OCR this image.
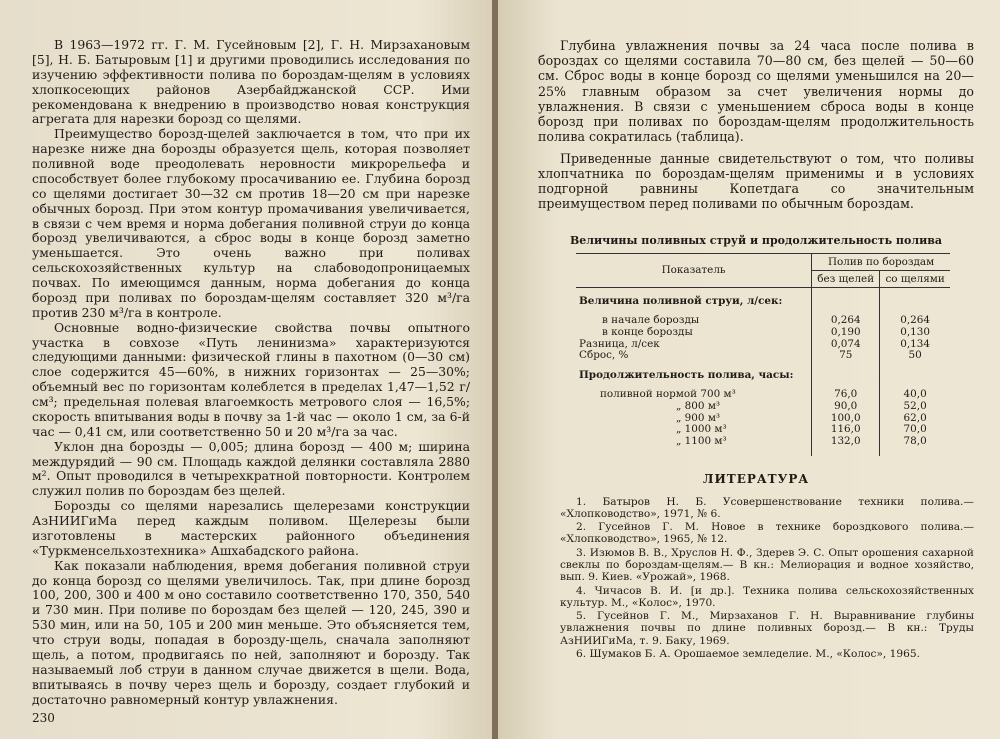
В 1963—1972 гг. Г. М. Гусейновым [2], Г. Н. Мирзахановым [5], Н. Б. Батыровым [1] и другими проводились исследования по изучению эффективности полива по бороздам-щелям в условиях хлопкосеющих районов Азербайджанской ССР. Ими рекомендована к внедрению в производство новая конструкция агрегата для нарезки борозд со щелями.

Преимущество борозд-щелей заключается в том, что при их нарезке ниже дна борозды образуется щель, которая позволяет поливной воде преодолевать неровности микрорельефа и способствует более глубокому просачиванию ее. Глубина борозд со щелями достигает 30—32 см против 18—20 см при нарезке обычных борозд. При этом контур промачивания увеличивается, в связи с чем время и норма добегания поливной струи до конца борозд увеличиваются, а сброс воды в конце борозд заметно уменьшается. Это очень важно при поливах сельскохозяйственных культур на слабоводопроницаемых почвах. По имеющимся данным, норма добегания до конца борозд при поливах по бороздам-щелям составляет 320 м³/га против 230 м³/га в контроле.

Основные водно-физические свойства почвы опытного участка в совхозе «Путь ленинизма» характеризуются следующими данными: физической глины в пахотном (0—30 см) слое содержится 45—60%, в нижних горизонтах — 25—30%; объемный вес по горизонтам колеблется в пределах 1,47—1,52 г/см³; предельная полевая влагоемкость метрового слоя — 16,5%; скорость впитывания воды в почву за 1-й час — около 1 см, за 6-й час — 0,41 см, или соответственно 50 и 20 м³/га за час.

Уклон дна борозды — 0,005; длина борозд — 400 м; ширина междурядий — 90 см. Площадь каждой делянки составляла 2880 м². Опыт проводился в четырехкратной повторности. Контролем служил полив по бороздам без щелей.

Борозды со щелями нарезались щелерезами конструкции АзНИИГиМа перед каждым поливом. Щелерезы были изготовлены в мастерских районного объединения «Туркменсельхозтехника» Ашхабадского района.

Как показали наблюдения, время добегания поливной струи до конца борозд со щелями увеличилось. Так, при длине борозд 100, 200, 300 и 400 м оно составило соответственно 170, 350, 540 и 730 мин. При поливе по бороздам без щелей — 120, 245, 390 и 530 мин, или на 50, 105 и 200 мин меньше. Это объясняется тем, что струи воды, попадая в борозду-щель, сначала заполняют щель, а потом, продвигаясь по ней, заполняют и борозду. Так называемый лоб струи в данном случае движется в щели. Вода, впитываясь в почву через щель и борозду, создает глубокий и достаточно равномерный контур увлажнения.

230

Глубина увлажнения почвы за 24 часа после полива в бороздах со щелями составила 70—80 см, без щелей — 50—60 см. Сброс воды в конце борозд со щелями уменьшился на 20—25% главным образом за счет увеличения нормы до увлажнения. В связи с уменьшением сброса воды в конце борозд при поливах по бороздам-щелям продолжительность полива сократилась (таблица).

Приведенные данные свидетельствуют о том, что поливы хлопчатника по бороздам-щелям применимы и в условиях подгорной равнины Копетдага со значительным преимуществом перед поливами по обычным бороздам.

Величины поливных струй и продолжительность полива
Показатель	Полив по бороздам	
	без щелей	со щелями

Величина поливной струи, л/сек:		

в начале борозды	0,264	0,264
в конце борозды	0,190	0,130
Разница, л/сек	0,074	0,134
Сброс, %	75	50

Продолжительность полива, часы:		

поливной нормой 700 м³	76,0	40,0
„ 800 м³	90,0	52,0
„ 900 м³	100,0	62,0
„ 1000 м³	116,0	70,0
„ 1100 м³	132,0	78,0

ЛИТЕРАТУРА
1. Батыров Н. Б. Усовершенствование техники полива.— «Хлопководство», 1971, № 6.
2. Гусейнов Г. М. Новое в технике бороздкового полива.— «Хлопководство», 1965, № 12.
3. Изюмов В. В., Хруслов Н. Ф., Здерев Э. С. Опыт орошения сахарной свеклы по бороздам-щелям.— В кн.: Мелиорация и водное хозяйство, вып. 9. Киев. «Урожай», 1968.
4. Чичасов В. И. [и др.]. Техника полива сельскохозяйственных культур. М., «Колос», 1970.
5. Гусейнов Г. М., Мирзаханов Г. Н. Выравнивание глубины увлажнения почвы по длине поливных борозд.— В кн.: Труды АзНИИГиМа, т. 9. Баку, 1969.
6. Шумаков Б. А. Орошаемое земледелие. М., «Колос», 1965.
